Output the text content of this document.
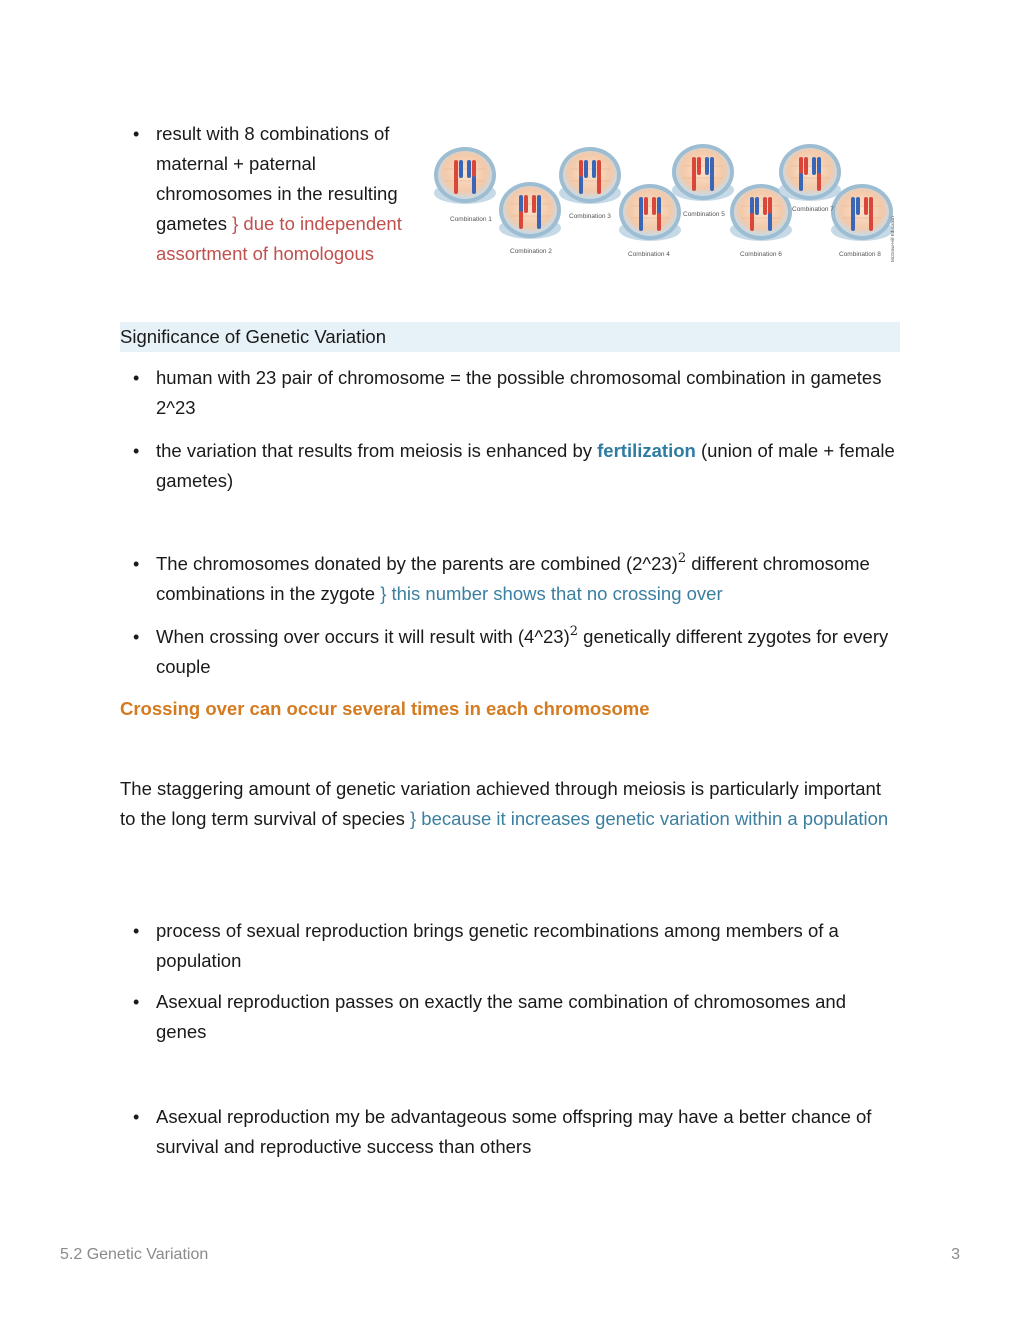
• result with 8 combinations of maternal + paternal chromosomes in the resulting gametes } due to independent assortment of homologous
Combination 1
Combination 2
Combination 3
Combination 4
Combination 5
Combination 6
Combination 7
Combination 8 McGraw-Hill Education
Significance of Genetic Variation
• human with 23 pair of chromosome = the possible chromosomal combination in gametes 2^23
• the variation that results from meiosis is enhanced by fertilization (union of male + female gametes)
• The chromosomes donated by the parents are combined (2^23)$^2$ different chromosome combinations in the zygote } this number shows that no crossing over
• When crossing over occurs it will result with (4^23)$^2$ genetically different zygotes for every couple
Crossing over can occur several times in each chromosome
The staggering amount of genetic variation achieved through meiosis is particularly important to the long term survival of species } because it increases genetic variation within a population
• process of sexual reproduction brings genetic recombinations among members of a population
• Asexual reproduction passes on exactly the same combination of chromosomes and genes
• Asexual reproduction my be advantageous some offspring may have a better chance of survival and reproductive success than others
5.2 Genetic Variation	3
